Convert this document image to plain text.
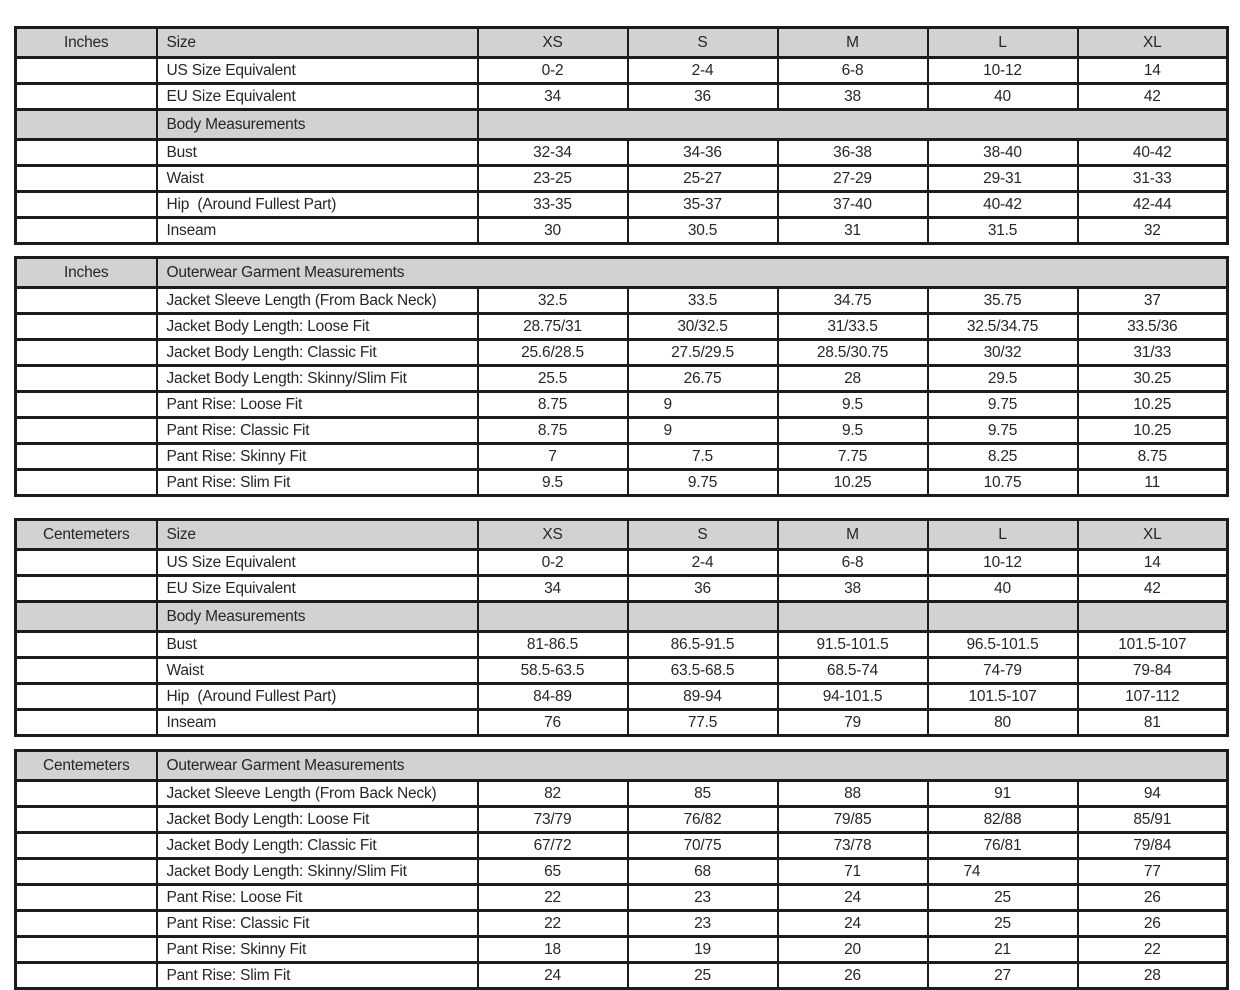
Inches	Size	XS	S	M	L	XL
	US Size Equivalent	0-2	2-4	6-8	10-12	14
	EU Size Equivalent	34	36	38	40	42
	Body Measurements					
	Bust	32-34	34-36	36-38	38-40	40-42
	Waist	23-25	25-27	27-29	29-31	31-33
	Hip  (Around Fullest Part)	33-35	35-37	37-40	40-42	42-44
	Inseam	30	30.5	31	31.5	32
Inches	Outerwear Garment Measurements					
	Jacket Sleeve Length (From Back Neck)	32.5	33.5	34.75	35.75	37
	Jacket Body Length: Loose Fit	28.75/31	30/32.5	31/33.5	32.5/34.75	33.5/36
	Jacket Body Length: Classic Fit	25.6/28.5	27.5/29.5	28.5/30.75	30/32	31/33
	Jacket Body Length: Skinny/Slim Fit	25.5	26.75	28	29.5	30.25
	Pant Rise: Loose Fit	8.75	9	9.5	9.75	10.25
	Pant Rise: Classic Fit	8.75	9	9.5	9.75	10.25
	Pant Rise: Skinny Fit	7	7.5	7.75	8.25	8.75
	Pant Rise: Slim Fit	9.5	9.75	10.25	10.75	11
Centemeters	Size	XS	S	M	L	XL
	US Size Equivalent	0-2	2-4	6-8	10-12	14
	EU Size Equivalent	34	36	38	40	42
	Body Measurements					
	Bust	81-86.5	86.5-91.5	91.5-101.5	96.5-101.5	101.5-107
	Waist	58.5-63.5	63.5-68.5	68.5-74	74-79	79-84
	Hip  (Around Fullest Part)	84-89	89-94	94-101.5	101.5-107	107-112
	Inseam	76	77.5	79	80	81
Centemeters	Outerwear Garment Measurements					
	Jacket Sleeve Length (From Back Neck)	82	85	88	91	94
	Jacket Body Length: Loose Fit	73/79	76/82	79/85	82/88	85/91
	Jacket Body Length: Classic Fit	67/72	70/75	73/78	76/81	79/84
	Jacket Body Length: Skinny/Slim Fit	65	68	71	74	77
	Pant Rise: Loose Fit	22	23	24	25	26
	Pant Rise: Classic Fit	22	23	24	25	26
	Pant Rise: Skinny Fit	18	19	20	21	22
	Pant Rise: Slim Fit	24	25	26	27	28
